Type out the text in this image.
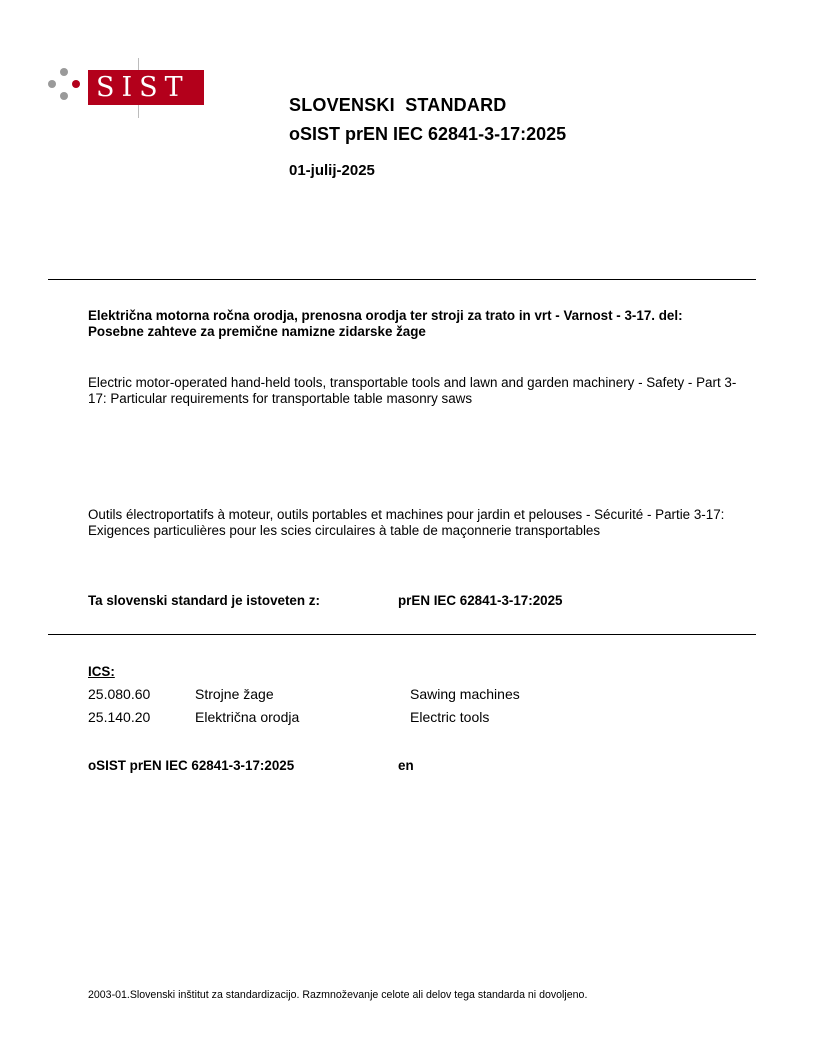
SIST
SLOVENSKI  STANDARD
oSIST prEN IEC 62841-3-17:2025
01-julij-2025
Električna motorna ročna orodja, prenosna orodja ter stroji za trato in vrt - Varnost - 3-17. del: Posebne zahteve za premične namizne zidarske žage
Electric motor-operated hand-held tools, transportable tools and lawn and garden machinery - Safety - Part 3-17: Particular requirements for transportable table masonry saws
Outils électroportatifs à moteur, outils portables et machines pour jardin et pelouses - Sécurité - Partie 3-17: Exigences particulières pour les scies circulaires à table de maçonnerie transportables
Ta slovenski standard je istoveten z:	prEN IEC 62841-3-17:2025
ICS:
25.080.60	Strojne žage	Sawing machines
25.140.20	Električna orodja	Electric tools
oSIST prEN IEC 62841-3-17:2025	en
2003-01.Slovenski inštitut za standardizacijo. Razmnoževanje celote ali delov tega standarda ni dovoljeno.
